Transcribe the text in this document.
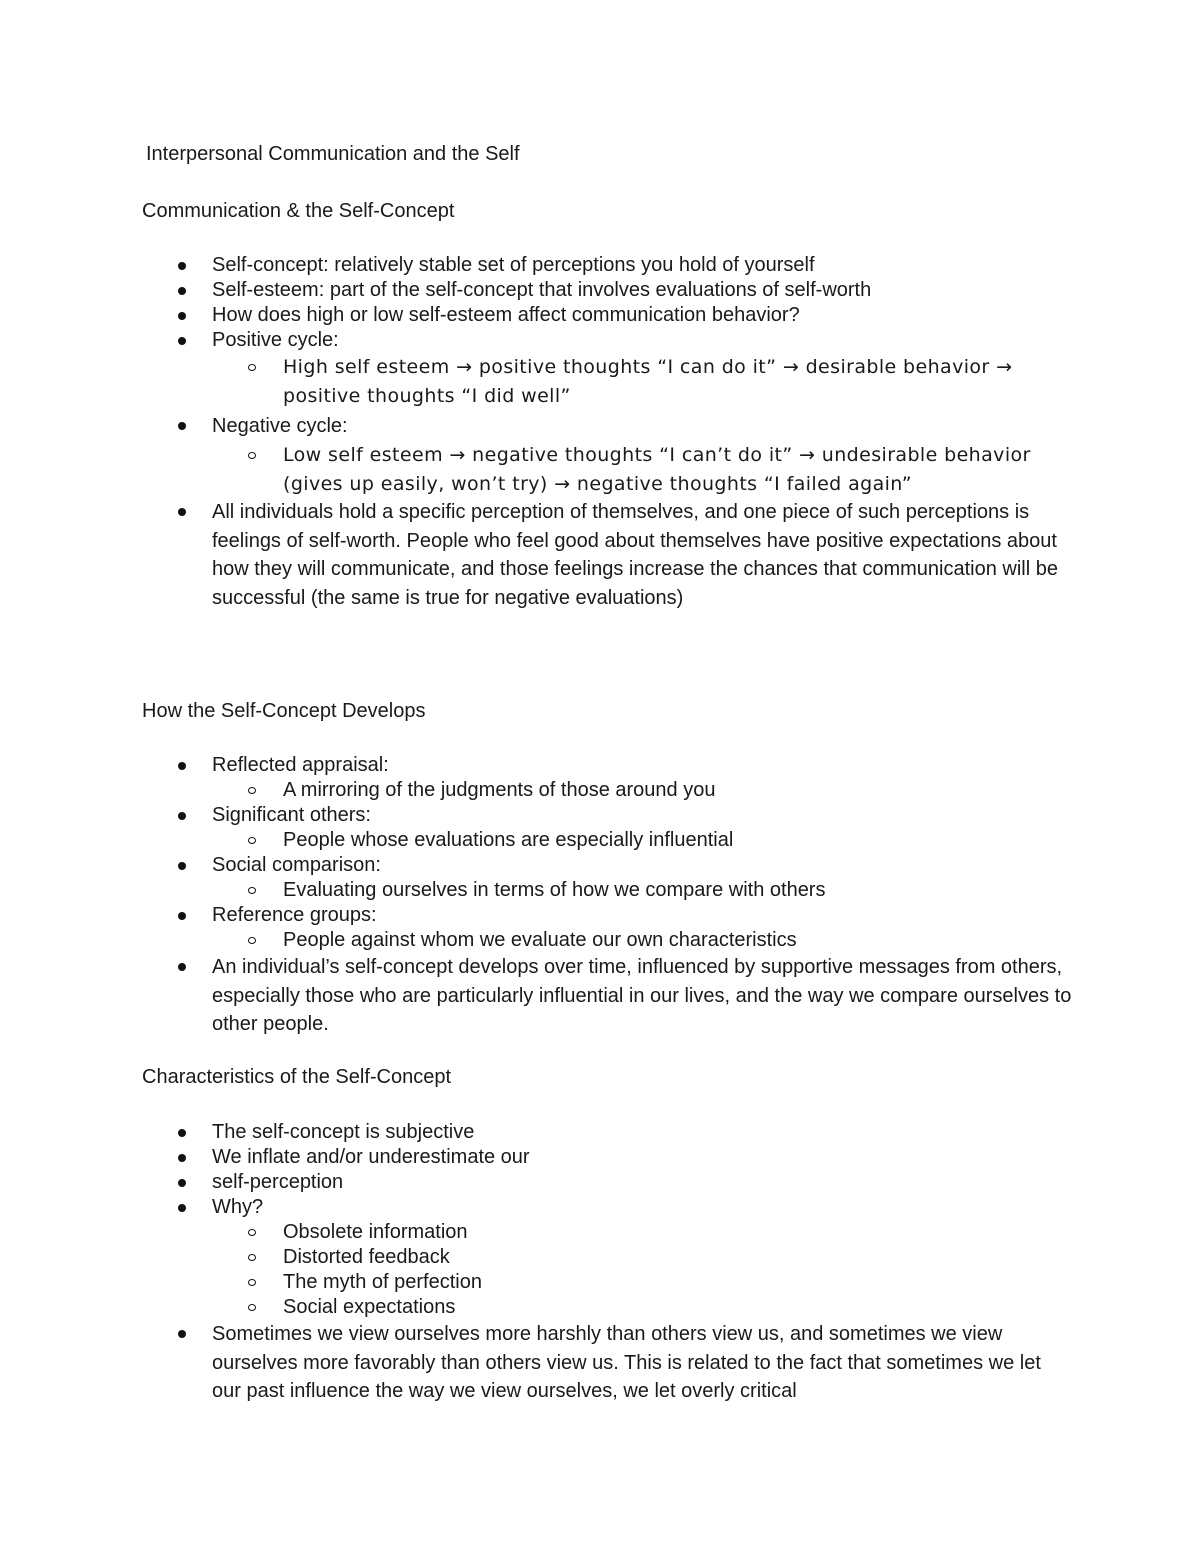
Interpersonal Communication and the Self
Communication & the Self-Concept
Self-concept: relatively stable set of perceptions you hold of yourself
Self-esteem: part of the self-concept that involves evaluations of self-worth
How does high or low self-esteem affect communication behavior?
Positive cycle:
High self esteem → positive thoughts “I can do it” → desirable behavior → positive thoughts “I did well”
Negative cycle:
Low self esteem → negative thoughts “I can’t do it” → undesirable behavior (gives up easily, won’t try) → negative thoughts “I failed again”
All individuals hold a specific perception of themselves, and one piece of such perceptions is feelings of self-worth. People who feel good about themselves have positive expectations about how they will communicate, and those feelings increase the chances that communication will be successful (the same is true for negative evaluations)
How the Self-Concept Develops
Reflected appraisal:
A mirroring of the judgments of those around you
Significant others:
People whose evaluations are especially influential
Social comparison:
Evaluating ourselves in terms of how we compare with others
Reference groups:
People against whom we evaluate our own characteristics
An individual’s self-concept develops over time, influenced by supportive messages from others, especially those who are particularly influential in our lives, and the way we compare ourselves to other people.
Characteristics of the Self-Concept
The self-concept is subjective
We inflate and/or underestimate our
self-perception
Why?
Obsolete information
Distorted feedback
The myth of perfection
Social expectations
Sometimes we view ourselves more harshly than others view us, and sometimes we view ourselves more favorably than others view us. This is related to the fact that sometimes we let our past influence the way we view ourselves, we let overly critical
